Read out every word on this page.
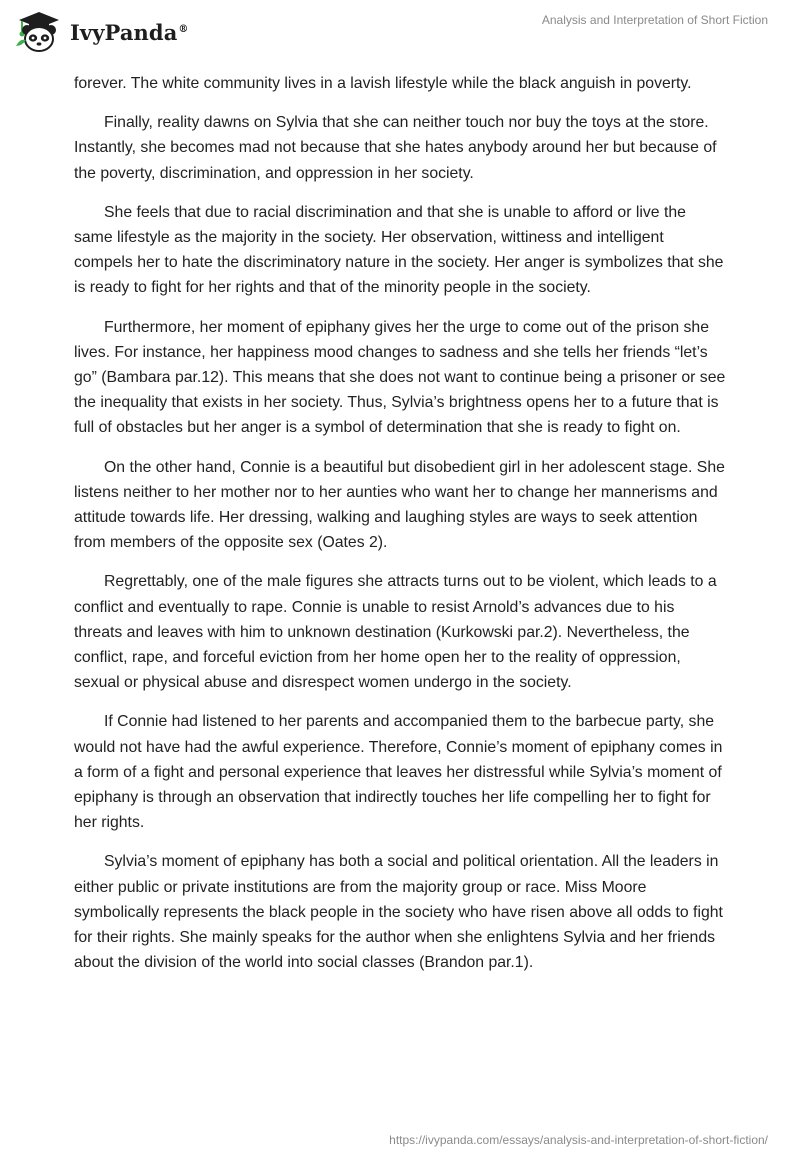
IvyPanda®
Analysis and Interpretation of Short Fiction

forever. The white community lives in a lavish lifestyle while the black anguish in poverty.

Finally, reality dawns on Sylvia that she can neither touch nor buy the toys at the store. Instantly, she becomes mad not because that she hates anybody around her but because of the poverty, discrimination, and oppression in her society.

She feels that due to racial discrimination and that she is unable to afford or live the same lifestyle as the majority in the society. Her observation, wittiness and intelligent compels her to hate the discriminatory nature in the society. Her anger is symbolizes that she is ready to fight for her rights and that of the minority people in the society.

Furthermore, her moment of epiphany gives her the urge to come out of the prison she lives. For instance, her happiness mood changes to sadness and she tells her friends “let’s go” (Bambara par.12). This means that she does not want to continue being a prisoner or see the inequality that exists in her society. Thus, Sylvia’s brightness opens her to a future that is full of obstacles but her anger is a symbol of determination that she is ready to fight on.

On the other hand, Connie is a beautiful but disobedient girl in her adolescent stage. She listens neither to her mother nor to her aunties who want her to change her mannerisms and attitude towards life. Her dressing, walking and laughing styles are ways to seek attention from members of the opposite sex (Oates 2).

Regrettably, one of the male figures she attracts turns out to be violent, which leads to a conflict and eventually to rape. Connie is unable to resist Arnold’s advances due to his threats and leaves with him to unknown destination (Kurkowski par.2). Nevertheless, the conflict, rape, and forceful eviction from her home open her to the reality of oppression, sexual or physical abuse and disrespect women undergo in the society.

If Connie had listened to her parents and accompanied them to the barbecue party, she would not have had the awful experience. Therefore, Connie’s moment of epiphany comes in a form of a fight and personal experience that leaves her distressful while Sylvia’s moment of epiphany is through an observation that indirectly touches her life compelling her to fight for her rights.

Sylvia’s moment of epiphany has both a social and political orientation. All the leaders in either public or private institutions are from the majority group or race. Miss Moore symbolically represents the black people in the society who have risen above all odds to fight for their rights. She mainly speaks for the author when she enlightens Sylvia and her friends about the division of the world into social classes (Brandon par.1).

https://ivypanda.com/essays/analysis-and-interpretation-of-short-fiction/
